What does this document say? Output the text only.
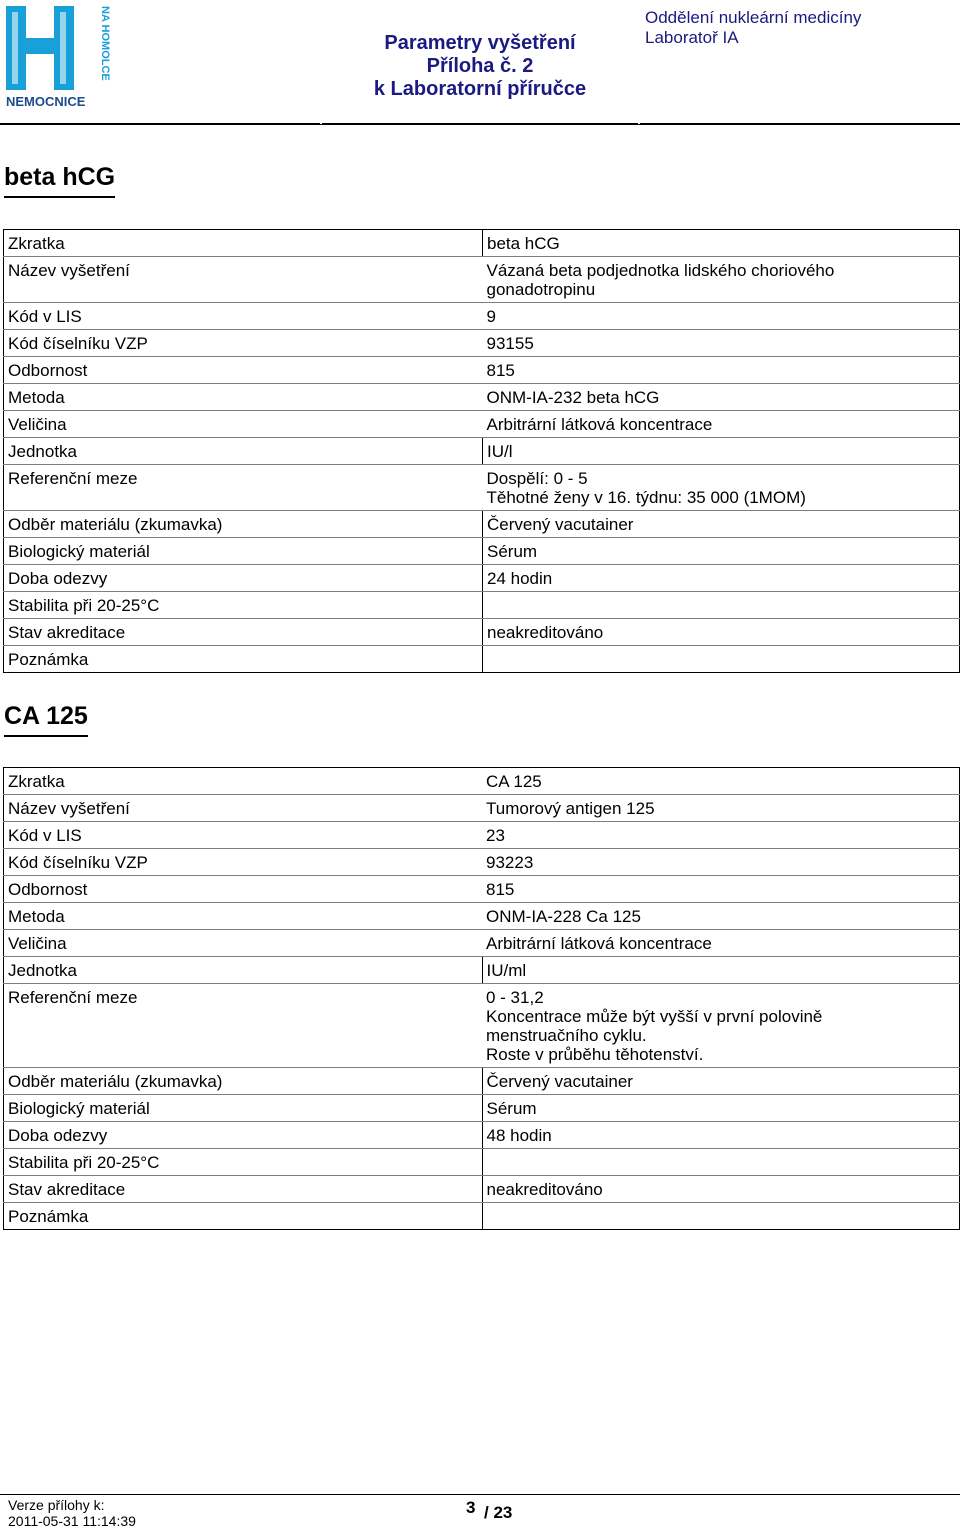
NA HOMOLCE
NEMOCNICE
Parametry vyšetření
Příloha č. 2
k Laboratorní příručce
Oddělení nukleární medicíny
Laboratoř IA
beta hCG
Zkratka	beta hCG
Název vyšetření	Vázaná beta podjednotka lidského choriového
gonadotropinu
Kód v LIS	9
Kód číselníku VZP	93155
Odbornost	815
Metoda	ONM-IA-232 beta hCG
Veličina	Arbitrární látková koncentrace
Jednotka	IU/l
Referenční meze	Dospělí: 0 - 5
Těhotné ženy v 16. týdnu: 35 000 (1MOM)
Odběr materiálu (zkumavka)	Červený vacutainer
Biologický materiál	Sérum
Doba odezvy	24 hodin
Stabilita při 20-25°C	
Stav akreditace	neakreditováno
Poznámka	
CA 125
Zkratka	CA 125
Název vyšetření	Tumorový antigen 125
Kód v LIS	23
Kód číselníku VZP	93223
Odbornost	815
Metoda	ONM-IA-228 Ca 125
Veličina	Arbitrární látková koncentrace
Jednotka	IU/ml
Referenční meze	0 - 31,2
Koncentrace může být vyšší v první polovině
menstruačního cyklu.
Roste v průběhu těhotenství.
Odběr materiálu (zkumavka)	Červený vacutainer
Biologický materiál	Sérum
Doba odezvy	48 hodin
Stabilita při 20-25°C	
Stav akreditace	neakreditováno
Poznámka	
Verze přílohy k:
2011-05-31 11:14:39
3 / 23
